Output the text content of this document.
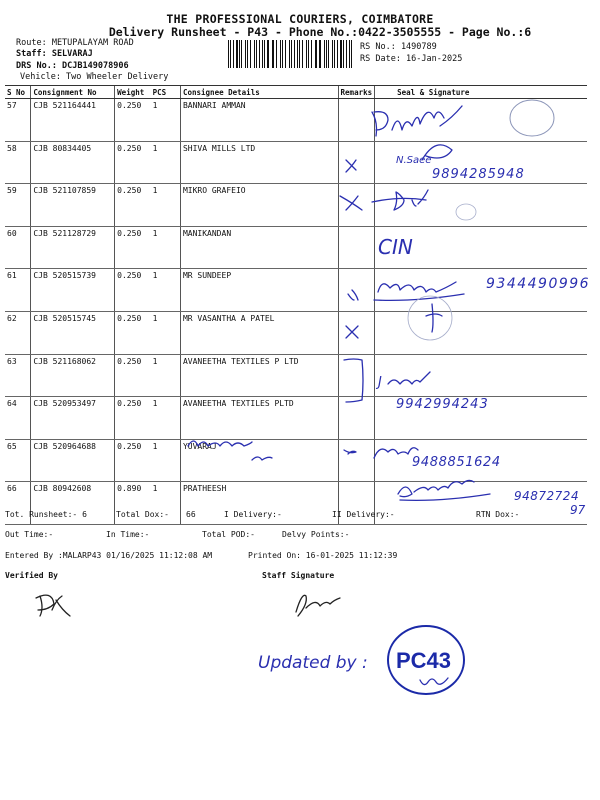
THE PROFESSIONAL COURIERS, COIMBATORE
Delivery Runsheet - P43 - Phone No.:0422-3505555 - Page No.:6
Route: METUPALAYAM ROAD
Staff: SELVARAJ
DRS No.: DCJB149078906
Vehicle: Two Wheeler Delivery
RS No.: 1490789
RS Date: 16-Jan-2025
S No	Consignment No	Weight	PCS	Consignee Details	Remarks	Seal & Signature
57	CJB 521164441	0.250	1	BANNARI AMMAN		
58	CJB 80834405	0.250	1	SHIVA MILLS LTD		
59	CJB 521107859	0.250	1	MIKRO GRAFEIO		
60	CJB 521128729	0.250	1	MANIKANDAN		
61	CJB 520515739	0.250	1	MR SUNDEEP		
62	CJB 520515745	0.250	1	MR VASANTHA A PATEL		
63	CJB 521168062	0.250	1	AVANEETHA TEXTILES P LTD		
64	CJB 520953497	0.250	1	AVANEETHA TEXTILES PLTD		
65	CJB 520964688	0.250	1	YUVARAJ		
66	CJB 80942608	0.890	1	PRATHEESH		
N.Saee
9894285948
CIN
9344490996
J
9942994243
9488851624
94872724
97
Updated by : PC43
Tot. Runsheet:- 6	Total Dox:- 66	I Delivery:-	II Delivery:-	RTN Dox:-
Out Time:-	In Time:-	Total POD:-	Delvy Points:-
Entered By :MALARP43 01/16/2025 11:12:08 AM	Printed On: 16-01-2025 11:12:39
Verified By	Staff Signature
